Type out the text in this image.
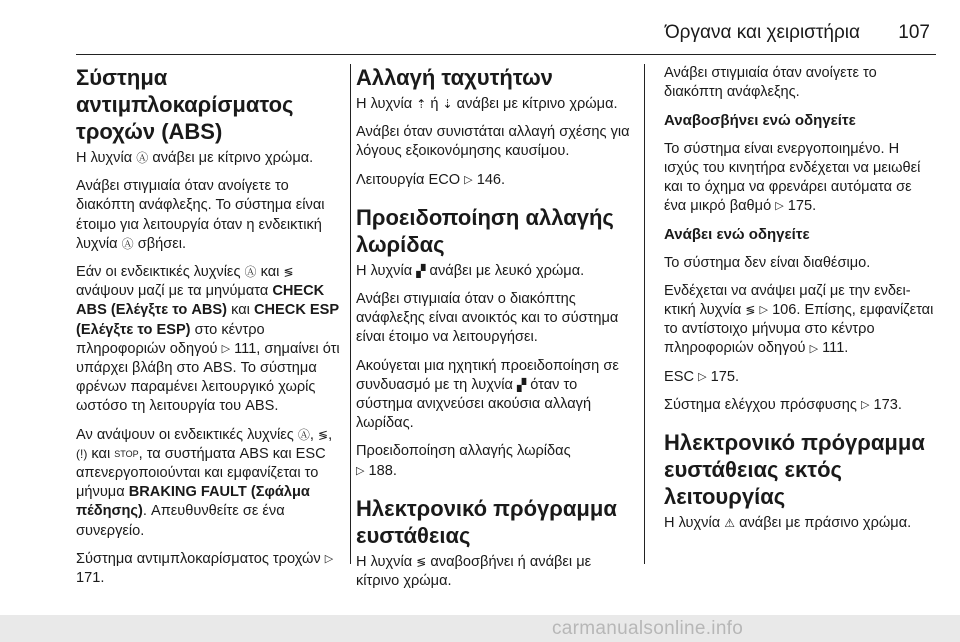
Όργανα και χειριστήρια 107
Σύστημα αντιμπλοκαρίσματος τροχών (ABS)

Η λυχνία Ⓐ ανάβει με κίτρινο χρώμα.

Ανάβει στιγμιαία όταν ανοίγετε το διακόπτη ανάφλεξης. Το σύστημα είναι έτοιμο για λειτουργία όταν η ενδεικτική λυχνία Ⓐ σβήσει.

Εάν οι ενδεικτικές λυχνίες Ⓐ και ≶ ανάψουν μαζί με τα μηνύματα CHECK ABS (Ελέγξτε το ABS) και CHECK ESP (Ελέγξτε το ESP) στο κέντρο πληροφοριών οδηγού ▷ 111, σημαίνει ότι υπάρχει βλάβη στο ABS. Το σύστημα φρένων παραμένει λειτουργικό χωρίς ωστόσο τη λειτουργία του ABS.

Αν ανάψουν οι ενδεικτικές λυχνίες Ⓐ, ≶, (!) και STOP, τα συστήματα ABS και ESC απενεργοποιούνται και εμφανίζεται το μήνυμα BRAKING FAULT (Σφάλμα πέδησης). Απευθυνθείτε σε ένα συνεργείο.

Σύστημα αντιμπλοκαρίσματος τροχών ▷ 171.

Αλλαγή ταχυτήτων

Η λυχνία ⇡ ή ⇣ ανάβει με κίτρινο χρώμα.

Ανάβει όταν συνιστάται αλλαγή σχέσης για λόγους εξοικονόμησης καυσίμου.

Λειτουργία ECO ▷ 146.

Προειδοποίηση αλλαγής λωρίδας

Η λυχνία ▞ ανάβει με λευκό χρώμα.

Ανάβει στιγμιαία όταν ο διακόπτης ανάφλεξης είναι ανοικτός και το σύστημα είναι έτοιμο να λειτουργήσει.

Ακούγεται μια ηχητική προειδοποίηση σε συνδυασμό με τη λυχνία ▞ όταν το σύστημα ανιχνεύσει ακούσια αλλαγή λωρίδας.

Προειδοποίηση αλλαγής λωρίδας
▷ 188.

Ηλεκτρονικό πρόγραμμα ευστάθειας

Η λυχνία ≶ αναβοσβήνει ή ανάβει με κίτρινο χρώμα.

Ανάβει στιγμιαία όταν ανοίγετε το διακόπτη ανάφλεξης.

Αναβοσβήνει ενώ οδηγείτε

Το σύστημα είναι ενεργοποιημένο. Η ισχύς του κινητήρα ενδέχεται να μειωθεί και το όχημα να φρενάρει αυτόματα σε ένα μικρό βαθμό ▷ 175.

Ανάβει ενώ οδηγείτε

Το σύστημα δεν είναι διαθέσιμο.

Ενδέχεται να ανάψει μαζί με την ενδεικτική λυχνία ≶ ▷ 106. Επίσης, εμφανίζεται το αντίστοιχο μήνυμα στο κέντρο πληροφοριών οδηγού ▷ 111.

ESC ▷ 175.

Σύστημα ελέγχου πρόσφυσης ▷ 173.

Ηλεκτρονικό πρόγραμμα ευστάθειας εκτός λειτουργίας

Η λυχνία ⚠ ανάβει με πράσινο χρώμα.

carmanualsonline.info
